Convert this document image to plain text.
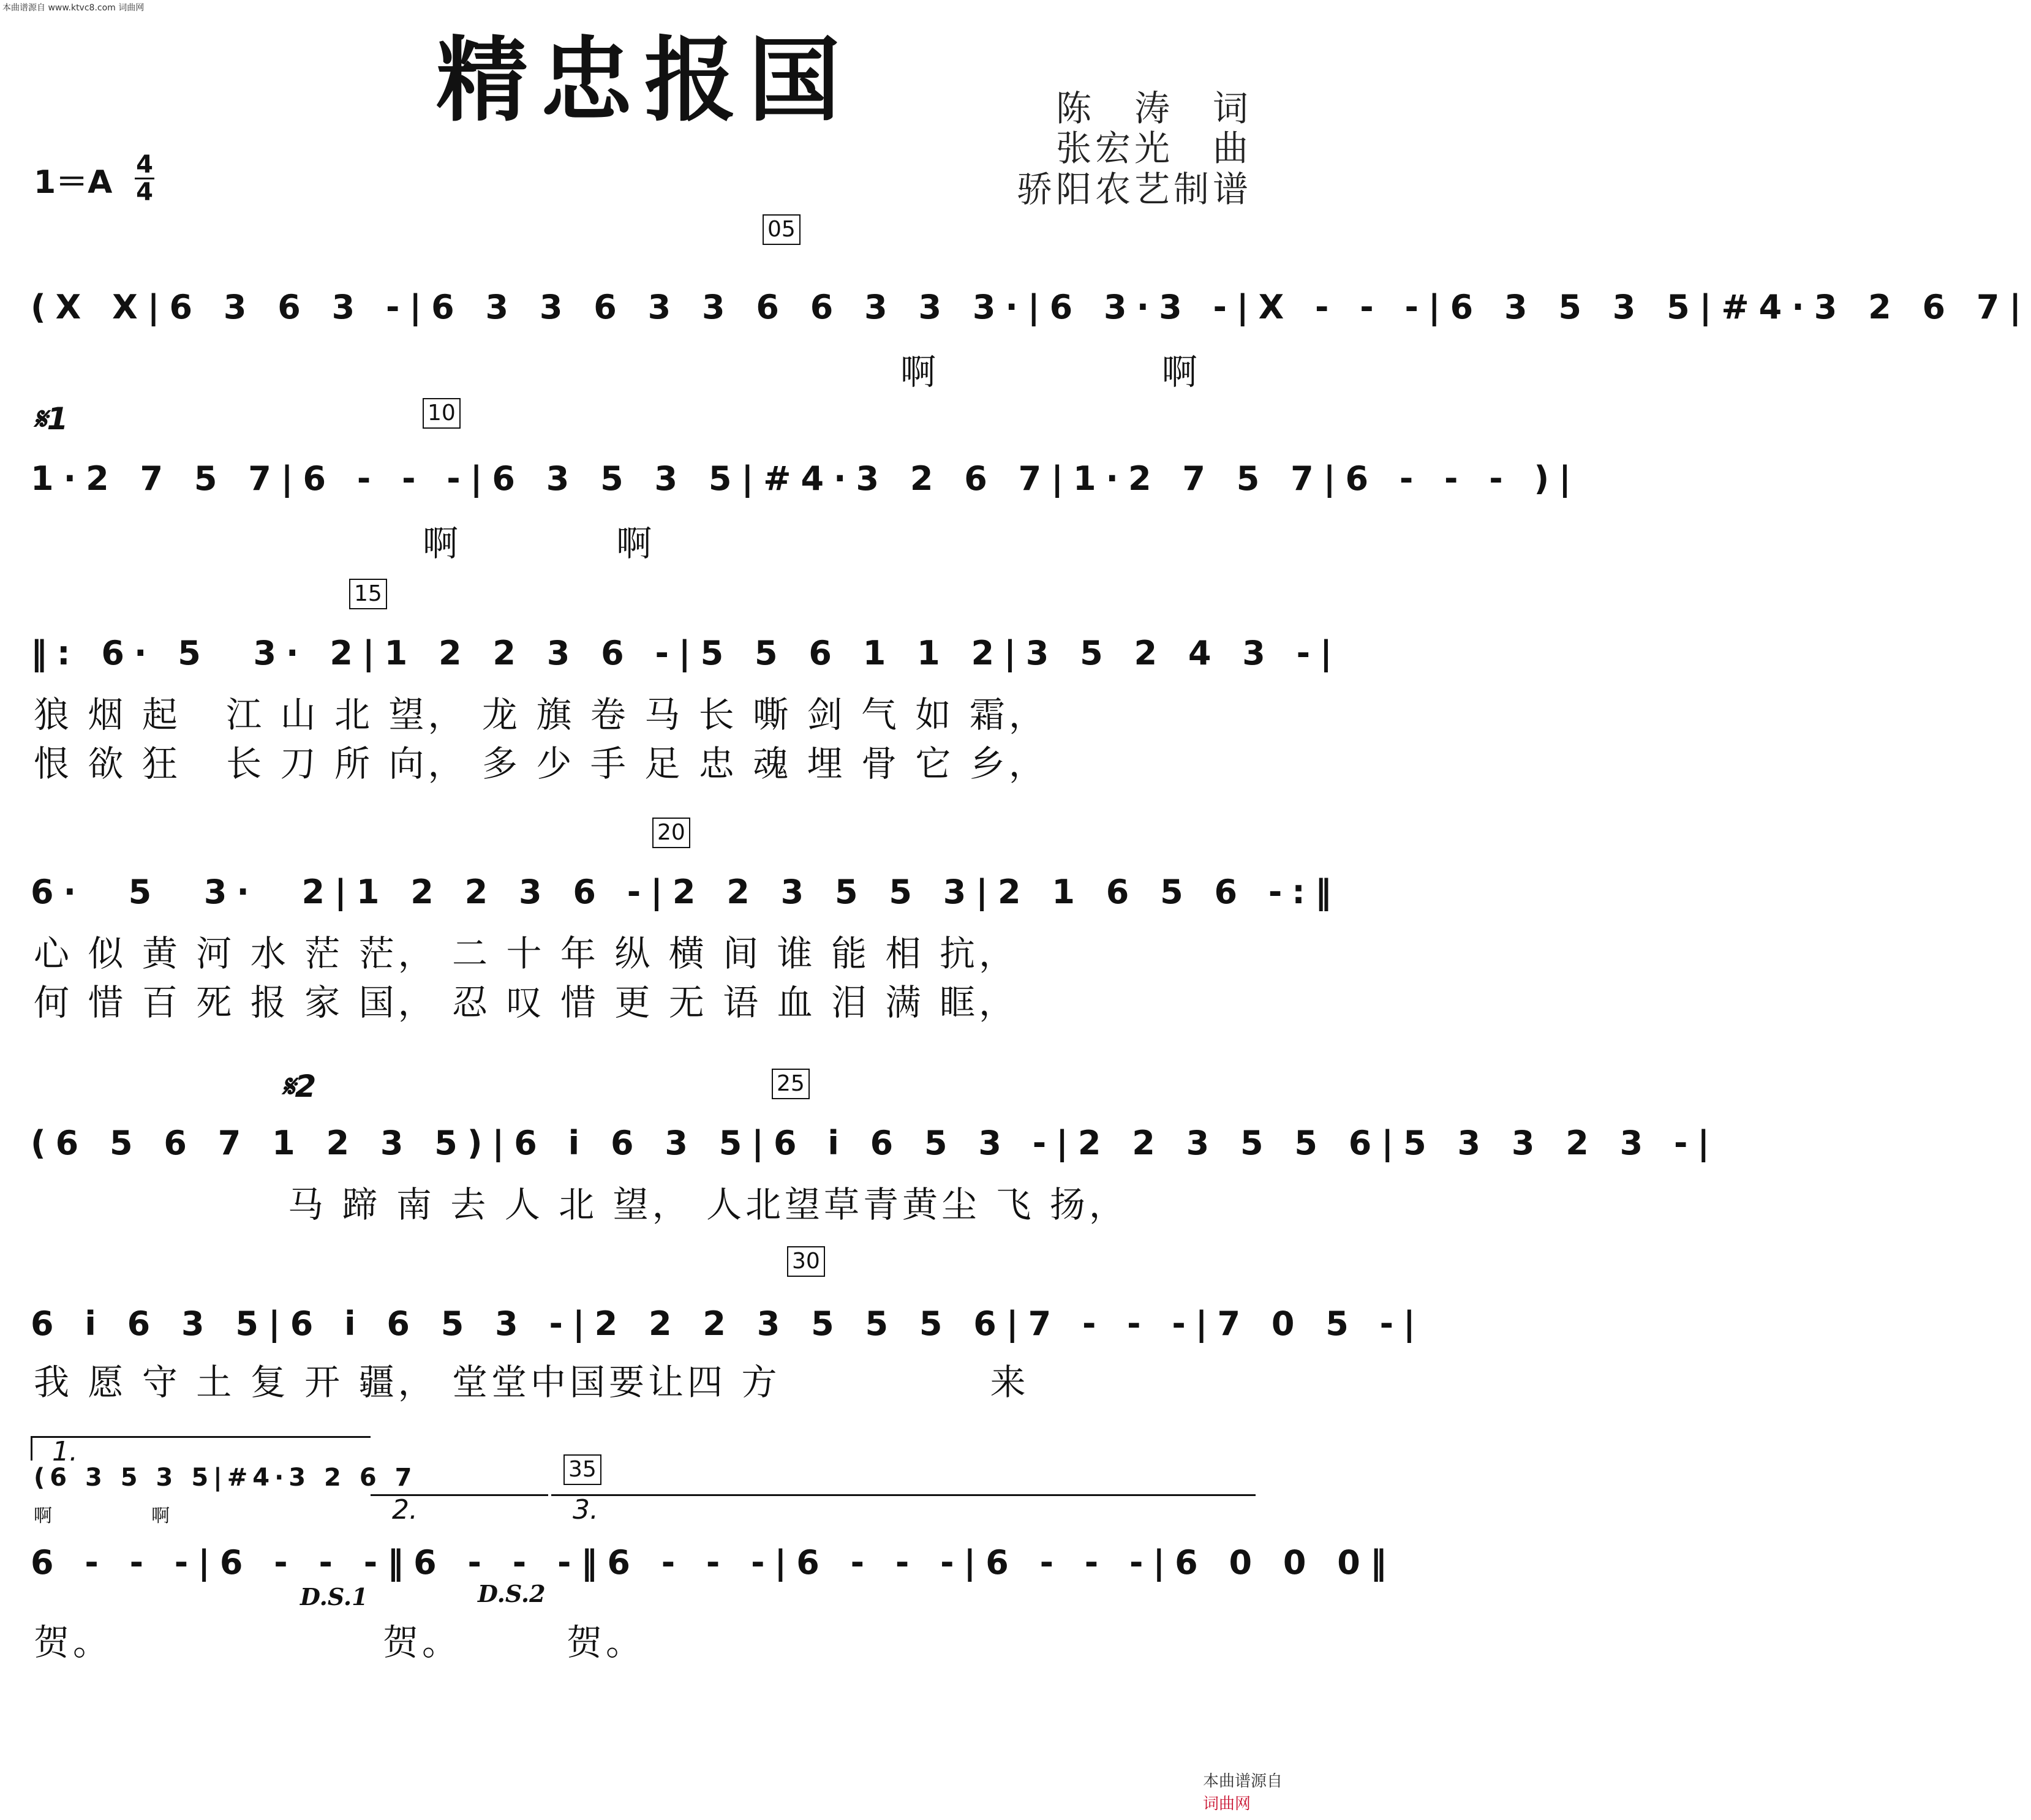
本曲谱源自 www.ktvc8.com 词曲网
精忠报国	陈　涛　词
张宏光　曲
骄阳农艺制谱
1＝A 4
4
05
(X X|6 3 6 3 -|6 3 3 6 3 3 6 6 3 3 3·|6 3·3 -|X - - -|6 3 5 3 5|#4·3 2 6 7|
啊                    啊
𝄋1	10
1·2 7 5 7|6 - - -|6 3 5 3 5|#4·3 2 6 7|1·2 7 5 7|6 - - - )|
啊              啊
15
‖: 6· 5  3· 2|1 2 2 3 6 -|5 5 6 1 1 2|3 5 2 4 3 -|
狼 烟 起   江 山 北 望， 龙 旗 卷 马 长 嘶 剑 气 如 霜，
恨 欲 狂   长 刀 所 向， 多 少 手 足 忠 魂 埋 骨 它 乡，
20
6·  5  3·  2|1 2 2 3 6 -|2 2 3 5 5 3|2 1 6 5 6 -:‖
心 似 黄 河 水 茫 茫， 二 十 年 纵 横 间 谁 能 相 抗，
何 惜 百 死 报 家 国， 忍 叹 惜 更 无 语 血 泪 满 眶，
𝄋2	25
(6 5 6 7 1 2 3 5)|6 i 6 3 5|6 i 6 5 3 -|2 2 3 5 5 6|5 3 3 2 3 -|
马 蹄 南 去 人 北 望， 人北望草青黄尘 飞 扬，
30
6 i 6 3 5|6 i 6 5 3 -|2 2 2 3 5 5 5 6|7 - - -|7 0 5 -|
我 愿 守 土 复 开 疆， 堂堂中国要让四 方              来
1.
(6 3 5 3 5|#4·3 2 6 7
啊                 啊	2.
35
3.
6 - - -|6 - - -‖6 - - -‖6 - - -|6 - - -|6 - - -|6 0 0 0‖
D.S.1	D.S.2
贺。	贺。	贺。

本曲谱源自
词曲网
